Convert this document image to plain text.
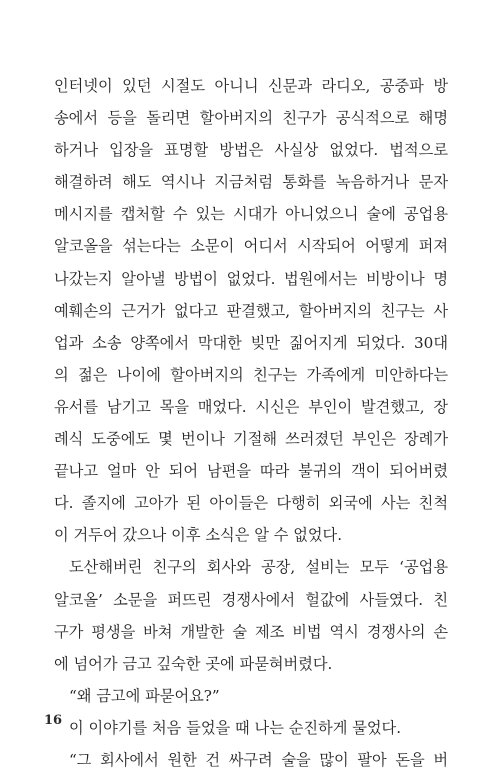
인터넷이 있던 시절도 아니니 신문과 라디오, 공중파 방
송에서 등을 돌리면 할아버지의 친구가 공식적으로 해명
하거나 입장을 표명할 방법은 사실상 없었다. 법적으로
해결하려 해도 역시나 지금처럼 통화를 녹음하거나 문자
메시지를 캡처할 수 있는 시대가 아니었으니 술에 공업용
알코올을 섞는다는 소문이 어디서 시작되어 어떻게 퍼져
나갔는지 알아낼 방법이 없었다. 법원에서는 비방이나 명
예훼손의 근거가 없다고 판결했고, 할아버지의 친구는 사
업과 소송 양쪽에서 막대한 빚만 짊어지게 되었다. 30대
의 젊은 나이에 할아버지의 친구는 가족에게 미안하다는
유서를 남기고 목을 매었다. 시신은 부인이 발견했고, 장
례식 도중에도 몇 번이나 기절해 쓰러졌던 부인은 장례가
끝나고 얼마 안 되어 남편을 따라 불귀의 객이 되어버렸
다. 졸지에 고아가 된 아이들은 다행히 외국에 사는 친척
이 거두어 갔으나 이후 소식은 알 수 없었다.
도산해버린 친구의 회사와 공장, 설비는 모두 ‘공업용
알코올’ 소문을 퍼뜨린 경쟁사에서 헐값에 사들였다. 친
구가 평생을 바쳐 개발한 술 제조 비법 역시 경쟁사의 손
에 넘어가 금고 깊숙한 곳에 파묻혀버렸다.
“왜 금고에 파묻어요?”
이 이야기를 처음 들었을 때 나는 순진하게 물었다.
“그 회사에서 원한 건 싸구려 술을 많이 팔아 돈을 버
16
